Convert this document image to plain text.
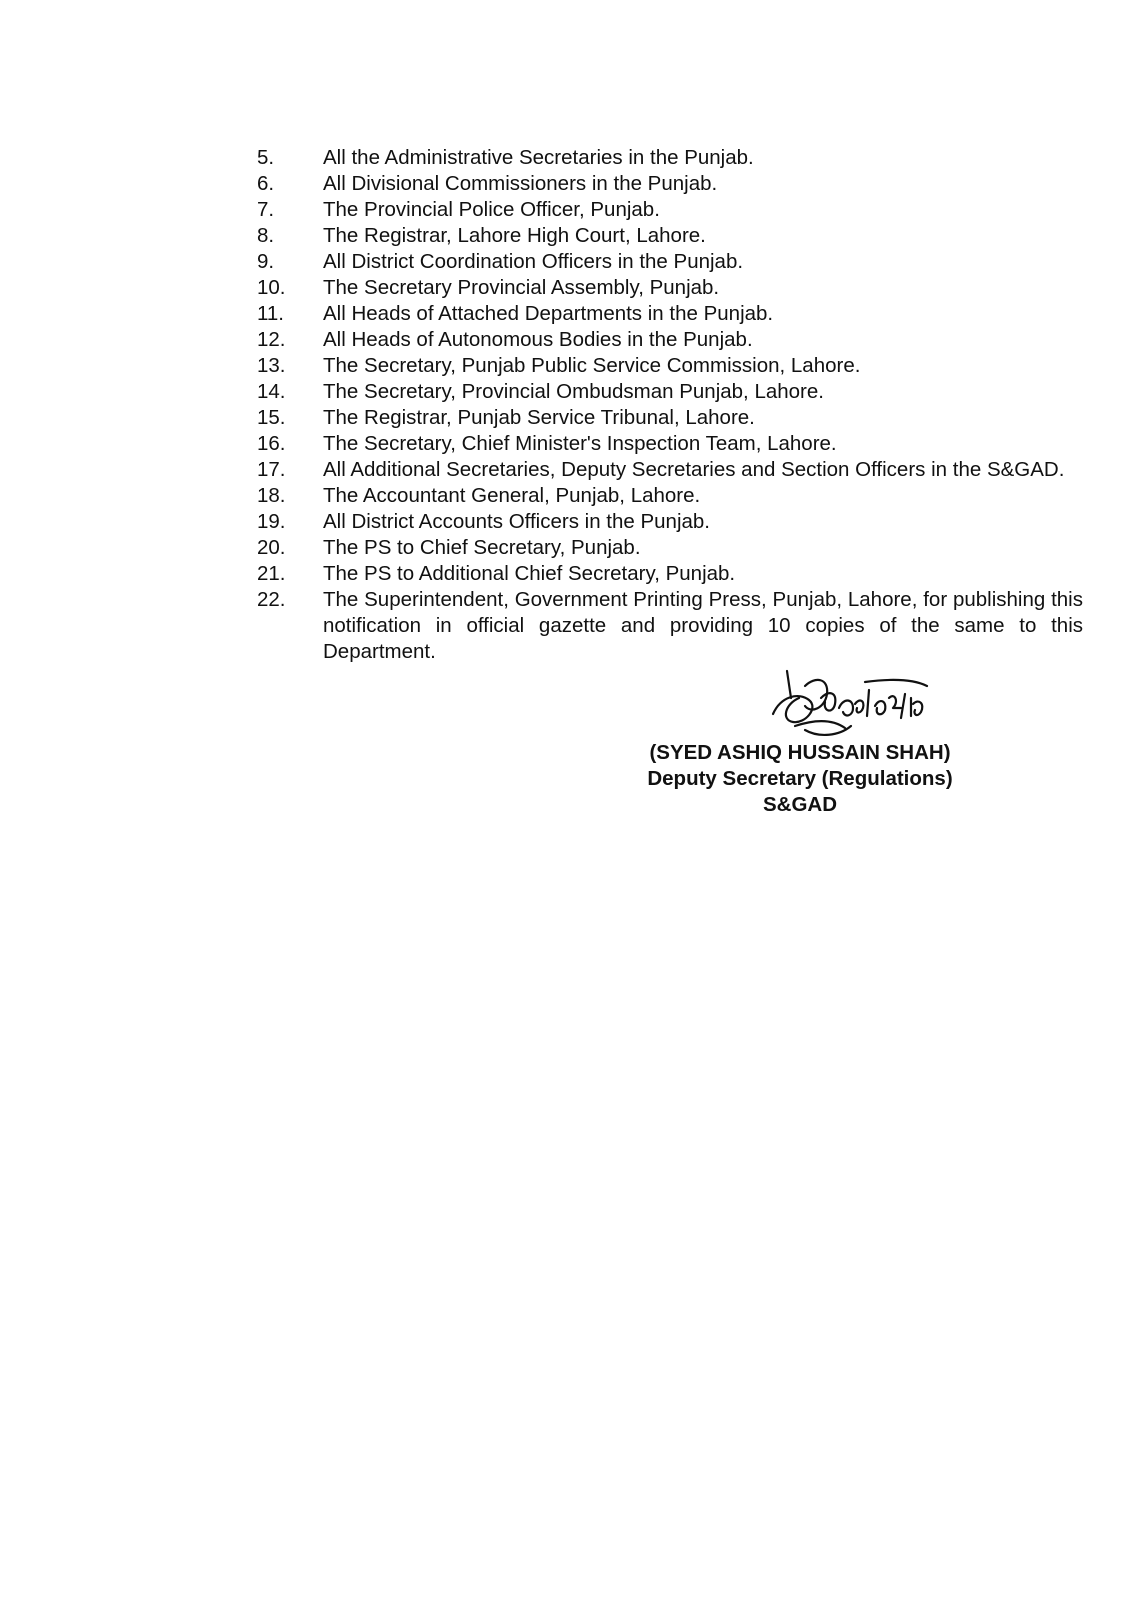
5.	All the Administrative Secretaries in the Punjab.
6.	All Divisional Commissioners in the Punjab.
7.	The Provincial Police Officer, Punjab.
8.	The Registrar, Lahore High Court, Lahore.
9.	All District Coordination Officers in the Punjab.
10.	The Secretary Provincial Assembly, Punjab.
11.	All Heads of Attached Departments in the Punjab.
12.	All Heads of Autonomous Bodies in the Punjab.
13.	The Secretary, Punjab Public Service Commission, Lahore.
14.	The Secretary, Provincial Ombudsman Punjab, Lahore.
15.	The Registrar, Punjab Service Tribunal, Lahore.
16.	The Secretary, Chief Minister's Inspection Team, Lahore.
17.	All Additional Secretaries, Deputy Secretaries and Section Officers in the S&GAD.
18.	The Accountant General, Punjab, Lahore.
19.	All District Accounts Officers in the Punjab.
20.	The PS to Chief Secretary, Punjab.
21.	The PS to Additional Chief Secretary, Punjab.
22.	The Superintendent, Government Printing Press, Punjab, Lahore, for publishing this notification in official gazette and providing 10 copies of the same to this Department.
(SYED ASHIQ HUSSAIN SHAH)
Deputy Secretary (Regulations)
S&GAD
